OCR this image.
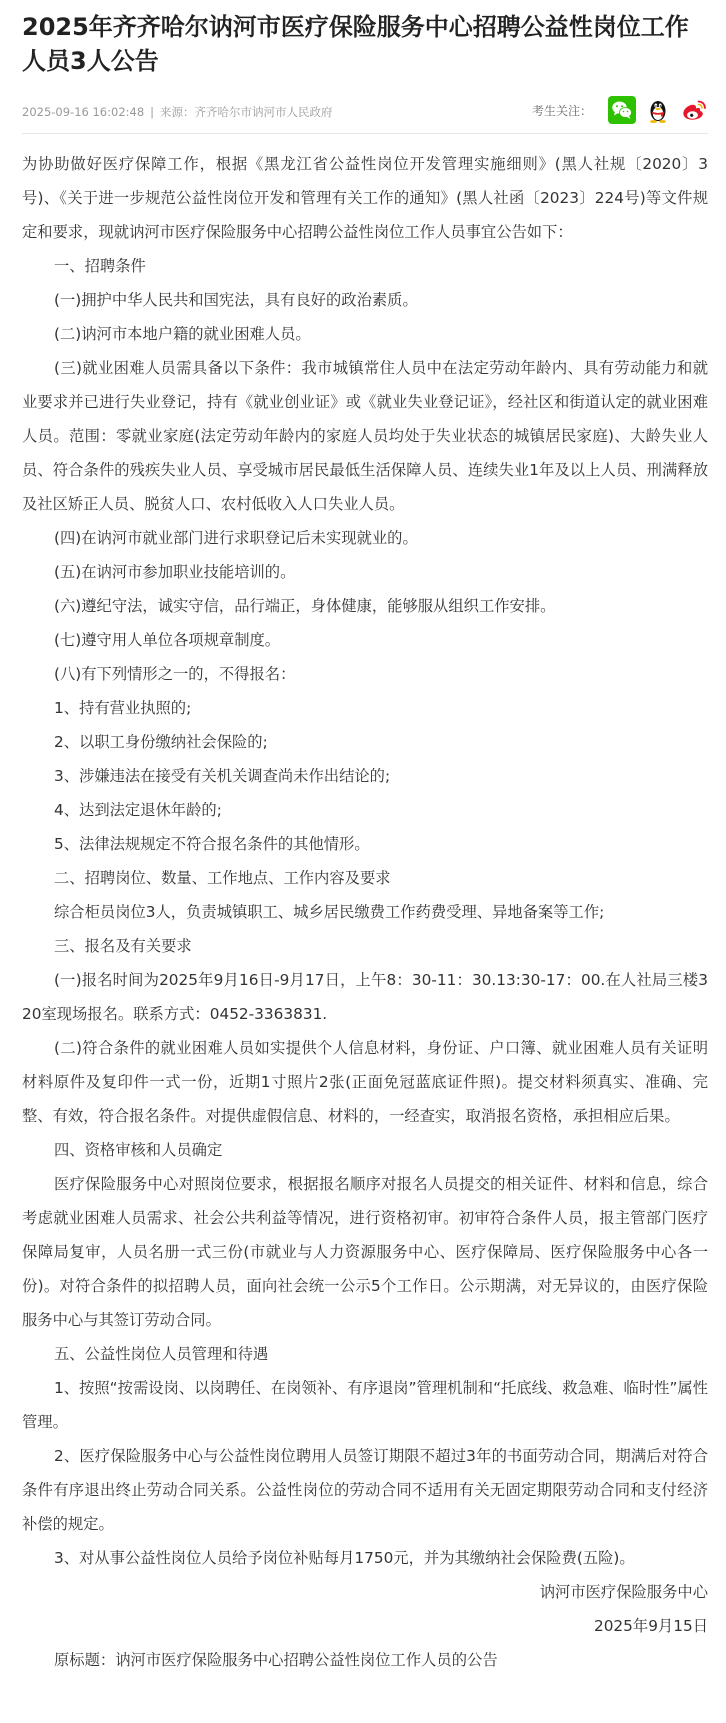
2025年齐齐哈尔讷河市医疗保险服务中心招聘公益性岗位工作人员3人公告
2025-09-16 16:02:48 | 来源：齐齐哈尔市讷河市人民政府	考生关注：

为协助做好医疗保障工作，根据《黑龙江省公益性岗位开发管理实施细则》(黑人社规〔2020〕3号)、《关于进一步规范公益性岗位开发和管理有关工作的通知》(黑人社函〔2023〕224号)等文件规定和要求，现就讷河市医疗保险服务中心招聘公益性岗位工作人员事宜公告如下：

一、招聘条件

(一)拥护中华人民共和国宪法，具有良好的政治素质。

(二)讷河市本地户籍的就业困难人员。

(三)就业困难人员需具备以下条件：我市城镇常住人员中在法定劳动年龄内、具有劳动能力和就业要求并已进行失业登记，持有《就业创业证》或《就业失业登记证》，经社区和街道认定的就业困难人员。范围：零就业家庭(法定劳动年龄内的家庭人员均处于失业状态的城镇居民家庭)、大龄失业人员、符合条件的残疾失业人员、享受城市居民最低生活保障人员、连续失业1年及以上人员、刑满释放及社区矫正人员、脱贫人口、农村低收入人口失业人员。

(四)在讷河市就业部门进行求职登记后未实现就业的。

(五)在讷河市参加职业技能培训的。

(六)遵纪守法，诚实守信，品行端正，身体健康，能够服从组织工作安排。

(七)遵守用人单位各项规章制度。

(八)有下列情形之一的，不得报名：

1、持有营业执照的;

2、以职工身份缴纳社会保险的;

3、涉嫌违法在接受有关机关调查尚未作出结论的;

4、达到法定退休年龄的;

5、法律法规规定不符合报名条件的其他情形。

二、招聘岗位、数量、工作地点、工作内容及要求

综合柜员岗位3人，负责城镇职工、城乡居民缴费工作药费受理、异地备案等工作;

三、报名及有关要求

(一)报名时间为2025年9月16日-9月17日，上午8：30-11：30.13:30-17：00.在人社局三楼320室现场报名。联系方式：0452-3363831.

(二)符合条件的就业困难人员如实提供个人信息材料，身份证、户口簿、就业困难人员有关证明材料原件及复印件一式一份，近期1寸照片2张(正面免冠蓝底证件照)。提交材料须真实、准确、完整、有效，符合报名条件。对提供虚假信息、材料的，一经查实，取消报名资格，承担相应后果。

四、资格审核和人员确定

医疗保险服务中心对照岗位要求，根据报名顺序对报名人员提交的相关证件、材料和信息，综合考虑就业困难人员需求、社会公共利益等情况，进行资格初审。初审符合条件人员，报主管部门医疗保障局复审，人员名册一式三份(市就业与人力资源服务中心、医疗保障局、医疗保险服务中心各一份)。对符合条件的拟招聘人员，面向社会统一公示5个工作日。公示期满，对无异议的，由医疗保险服务中心与其签订劳动合同。

五、公益性岗位人员管理和待遇

1、按照“按需设岗、以岗聘任、在岗领补、有序退岗”管理机制和“托底线、救急难、临时性”属性管理。

2、医疗保险服务中心与公益性岗位聘用人员签订期限不超过3年的书面劳动合同，期满后对符合条件有序退出终止劳动合同关系。公益性岗位的劳动合同不适用有关无固定期限劳动合同和支付经济补偿的规定。

3、对从事公益性岗位人员给予岗位补贴每月1750元，并为其缴纳社会保险费(五险)。

讷河市医疗保险服务中心

2025年9月15日

原标题：讷河市医疗保险服务中心招聘公益性岗位工作人员的公告
